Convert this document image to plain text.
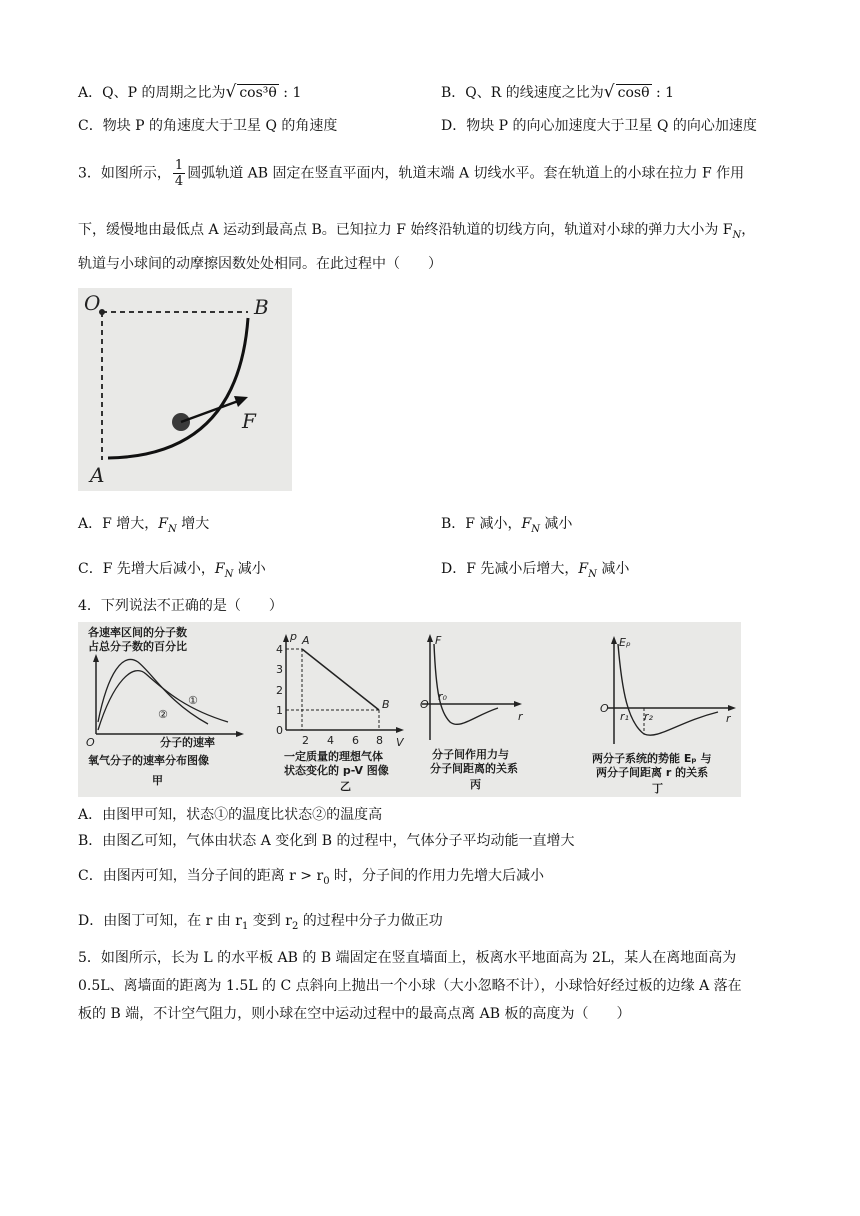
A．Q、P 的周期之比为√ cos³θ : 1	B．Q、R 的线速度之比为√ cosθ : 1
C．物块 P 的角速度大于卫星 Q 的角速度	D．物块 P 的向心加速度大于卫星 Q 的向心加速度
3．如图所示， $\frac{1}{4}$ 圆弧轨道 AB 固定在竖直平面内，轨道末端 A 切线水平。套在轨道上的小球在拉力 F 作用
下，缓慢地由最低点 A 运动到最高点 B。已知拉力 F 始终沿轨道的切线方向，轨道对小球的弹力大小为 $F_N$，
轨道与小球间的动摩擦因数处处相同。在此过程中（　　）
O	B
F
A
A．F 增大，$F_N$ 增大	B．F 减小，$F_N$ 减小
C．F 先增大后减小，$F_N$ 减小	D．F 先减小后增大，$F_N$ 减小
4．下列说法不正确的是（　　）
各速率区间的分子数
占总分子数的百分比
①
②
O	分子的速率
氧气分子的速率分布图像
甲
p
V
1
2
3
4
0
2 4 6 8
A
B
一定质量的理想气体
状态变化的 p-V 图像
乙
F
r
O
r₀
分子间作用力与
分子间距离的关系
丙
Eₚ
r
O
r₁ r₂
两分子系统的势能 Eₚ 与
两分子间距离 r 的关系
丁
A．由图甲可知，状态①的温度比状态②的温度高
B．由图乙可知，气体由状态 A 变化到 B 的过程中，气体分子平均动能一直增大
C．由图丙可知，当分子间的距离 $r > r_0$ 时，分子间的作用力先增大后减小
D．由图丁可知，在 r 由 $r_1$ 变到 $r_2$ 的过程中分子力做正功
5．如图所示，长为 L 的水平板 AB 的 B 端固定在竖直墙面上，板离水平地面高为 2L，某人在离地面高为
0.5L、离墙面的距离为 1.5L 的 C 点斜向上抛出一个小球（大小忽略不计），小球恰好经过板的边缘 A 落在
板的 B 端，不计空气阻力，则小球在空中运动过程中的最高点离 AB 板的高度为（　　）
